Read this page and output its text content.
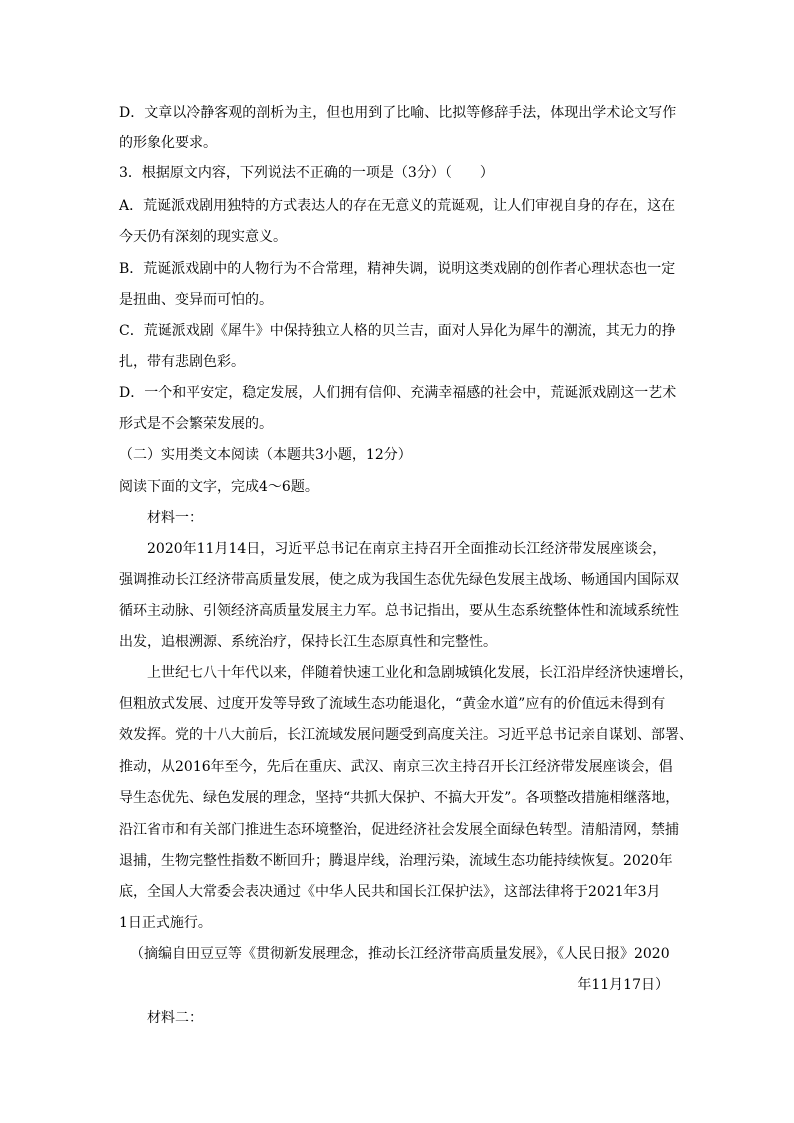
D．文章以冷静客观的剖析为主，但也用到了比喻、比拟等修辞手法，体现出学术论文写作
的形象化要求。
3．根据原文内容，下列说法不正确的一项是（3分）（　　）
A．荒诞派戏剧用独特的方式表达人的存在无意义的荒诞观，让人们审视自身的存在，这在
今天仍有深刻的现实意义。
B．荒诞派戏剧中的人物行为不合常理，精神失调，说明这类戏剧的创作者心理状态也一定
是扭曲、变异而可怕的。
C．荒诞派戏剧《犀牛》中保持独立人格的贝兰吉，面对人异化为犀牛的潮流，其无力的挣
扎，带有悲剧色彩。
D．一个和平安定，稳定发展，人们拥有信仰、充满幸福感的社会中，荒诞派戏剧这一艺术
形式是不会繁荣发展的。
（二）实用类文本阅读（本题共3小题，12分）
阅读下面的文字，完成4～6题。
材料一：
2020年11月14日，习近平总书记在南京主持召开全面推动长江经济带发展座谈会，
强调推动长江经济带高质量发展，使之成为我国生态优先绿色发展主战场、畅通国内国际双
循环主动脉、引领经济高质量发展主力军。总书记指出，要从生态系统整体性和流域系统性
出发，追根溯源、系统治疗，保持长江生态原真性和完整性。
上世纪七八十年代以来，伴随着快速工业化和急剧城镇化发展，长江沿岸经济快速增长，
但粗放式发展、过度开发等导致了流域生态功能退化，“黄金水道”应有的价值远未得到有
效发挥。党的十八大前后，长江流域发展问题受到高度关注。习近平总书记亲自谋划、部署、
推动，从2016年至今，先后在重庆、武汉、南京三次主持召开长江经济带发展座谈会，倡
导生态优先、绿色发展的理念，坚持“共抓大保护、不搞大开发”。各项整改措施相继落地，
沿江省市和有关部门推进生态环境整治，促进经济社会发展全面绿色转型。清船清网，禁捕
退捕，生物完整性指数不断回升；腾退岸线，治理污染，流域生态功能持续恢复。2020年
底，全国人大常委会表决通过《中华人民共和国长江保护法》，这部法律将于2021年3月
1日正式施行。
（摘编自田豆豆等《贯彻新发展理念，推动长江经济带高质量发展》，《人民日报》2020
年11月17日）
材料二：
